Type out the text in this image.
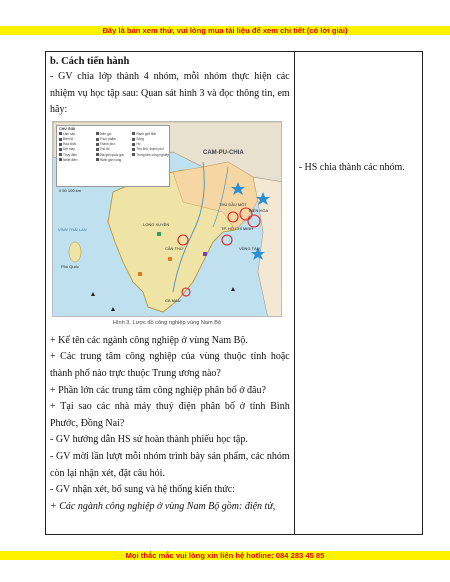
Đây là bản xem thử, vui lòng mua tài liệu để xem chi tiết (có lời giải)
b. Cách tiến hành

- GV chia lớp thành 4 nhóm, mỗi nhóm thực hiện các nhiệm vụ học tập sau: Quan sát hình 3 và đọc thông tin, em hãy:

CHÚ GIẢI
Lâm sản
Điện tử
Hóa chất
Dệt may
Thuỷ điện
Nhiệt điện
Điện gió
Thực phẩm
Thành phố
Thủ đô
Địa giới quốc gia
Ranh giới vùng
Ranh giới tỉnh
Sông
Hồ
Tên tỉnh, thành phố
Trung tâm công nghiệp	CAM-PU-CHIA
VỊNH THÁI LAN
Phú Quốc
TP. HỒ CHÍ MINH
CẦN THƠ
CÀ MAU
VŨNG TÀU
BIÊN HÒA
LONG XUYÊN
THỦ DẦU MỘT
0 50 100 km
Hình 3. Lược đồ công nghiệp vùng Nam Bộ

+ Kể tên các ngành công nghiệp ở vùng Nam Bộ.

+ Các trung tâm công nghiệp của vùng thuộc tỉnh hoặc thành phố nào trực thuộc Trung ương nào?

+ Phần lớn các trung tâm công nghiệp phân bố ở đâu?

+ Tại sao các nhà máy thuỷ điện phân bố ở tỉnh Bình Phước, Đồng Nai?

- GV hướng dẫn HS sử hoàn thành phiếu học tập.

- GV mời lần lượt mỗi nhóm trình bày sản phẩm, các nhóm còn lại nhận xét, đặt câu hỏi.

- GV nhận xét, bổ sung và hệ thống kiến thức:

+ Các ngành công nghiệp ở vùng Nam Bộ gồm: điện tử,

- HS chia thành các nhóm.
Mọi thắc mắc vui lòng xin liên hệ hotline: 084 283 45 85
